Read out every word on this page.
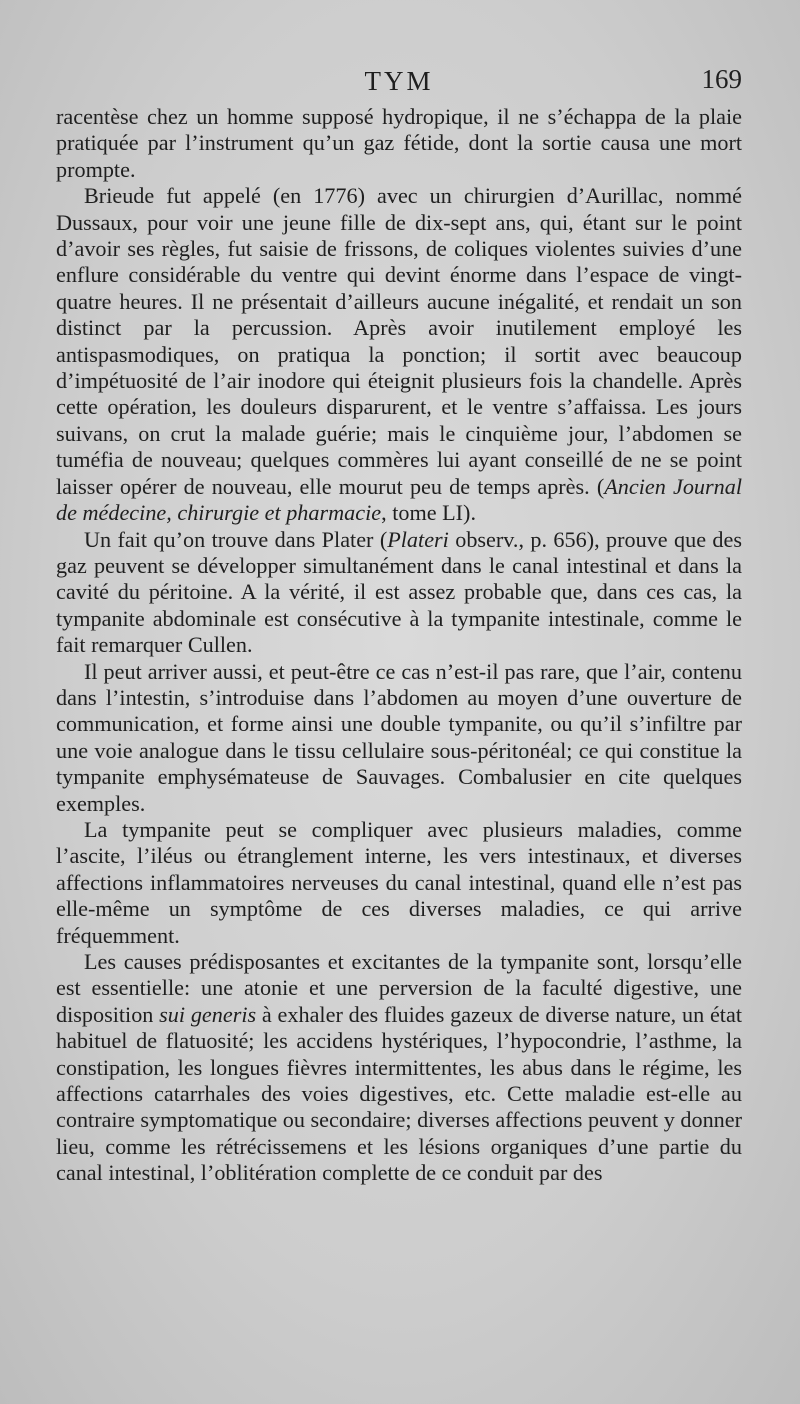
TYM	169

racentèse chez un homme supposé hydropique, il ne s’échappa de la plaie pratiquée par l’instrument qu’un gaz fétide, dont la sortie causa une mort prompte.

Brieude fut appelé (en 1776) avec un chirurgien d’Aurillac, nommé Dussaux, pour voir une jeune fille de dix-sept ans, qui, étant sur le point d’avoir ses règles, fut saisie de frissons, de coliques violentes suivies d’une enflure considérable du ventre qui devint énorme dans l’espace de vingt-quatre heures. Il ne présentait d’ailleurs aucune inégalité, et rendait un son distinct par la percussion. Après avoir inutilement employé les antispasmodiques, on pratiqua la ponction; il sortit avec beaucoup d’impétuosité de l’air inodore qui éteignit plusieurs fois la chandelle. Après cette opération, les douleurs disparurent, et le ventre s’affaissa. Les jours suivans, on crut la malade guérie; mais le cinquième jour, l’abdomen se tuméfia de nouveau; quelques commères lui ayant conseillé de ne se point laisser opérer de nouveau, elle mourut peu de temps après. (Ancien Journal de médecine, chirurgie et pharmacie, tome LI).

Un fait qu’on trouve dans Plater (Plateri observ., p. 656), prouve que des gaz peuvent se développer simultanément dans le canal intestinal et dans la cavité du péritoine. A la vérité, il est assez probable que, dans ces cas, la tympanite abdominale est consécutive à la tympanite intestinale, comme le fait remarquer Cullen.

Il peut arriver aussi, et peut-être ce cas n’est-il pas rare, que l’air, contenu dans l’intestin, s’introduise dans l’abdomen au moyen d’une ouverture de communication, et forme ainsi une double tympanite, ou qu’il s’infiltre par une voie analogue dans le tissu cellulaire sous-péritonéal; ce qui constitue la tympanite emphysémateuse de Sauvages. Combalusier en cite quelques exemples.

La tympanite peut se compliquer avec plusieurs maladies, comme l’ascite, l’iléus ou étranglement interne, les vers intestinaux, et diverses affections inflammatoires nerveuses du canal intestinal, quand elle n’est pas elle-même un symptôme de ces diverses maladies, ce qui arrive fréquemment.

Les causes prédisposantes et excitantes de la tympanite sont, lorsqu’elle est essentielle: une atonie et une perversion de la faculté digestive, une disposition sui generis à exhaler des fluides gazeux de diverse nature, un état habituel de flatuosité; les accidens hystériques, l’hypocondrie, l’asthme, la constipation, les longues fièvres intermittentes, les abus dans le régime, les affections catarrhales des voies digestives, etc. Cette maladie est-elle au contraire symptomatique ou secondaire; diverses affections peuvent y donner lieu, comme les rétrécissemens et les lésions organiques d’une partie du canal intestinal, l’oblitération complette de ce conduit par des
